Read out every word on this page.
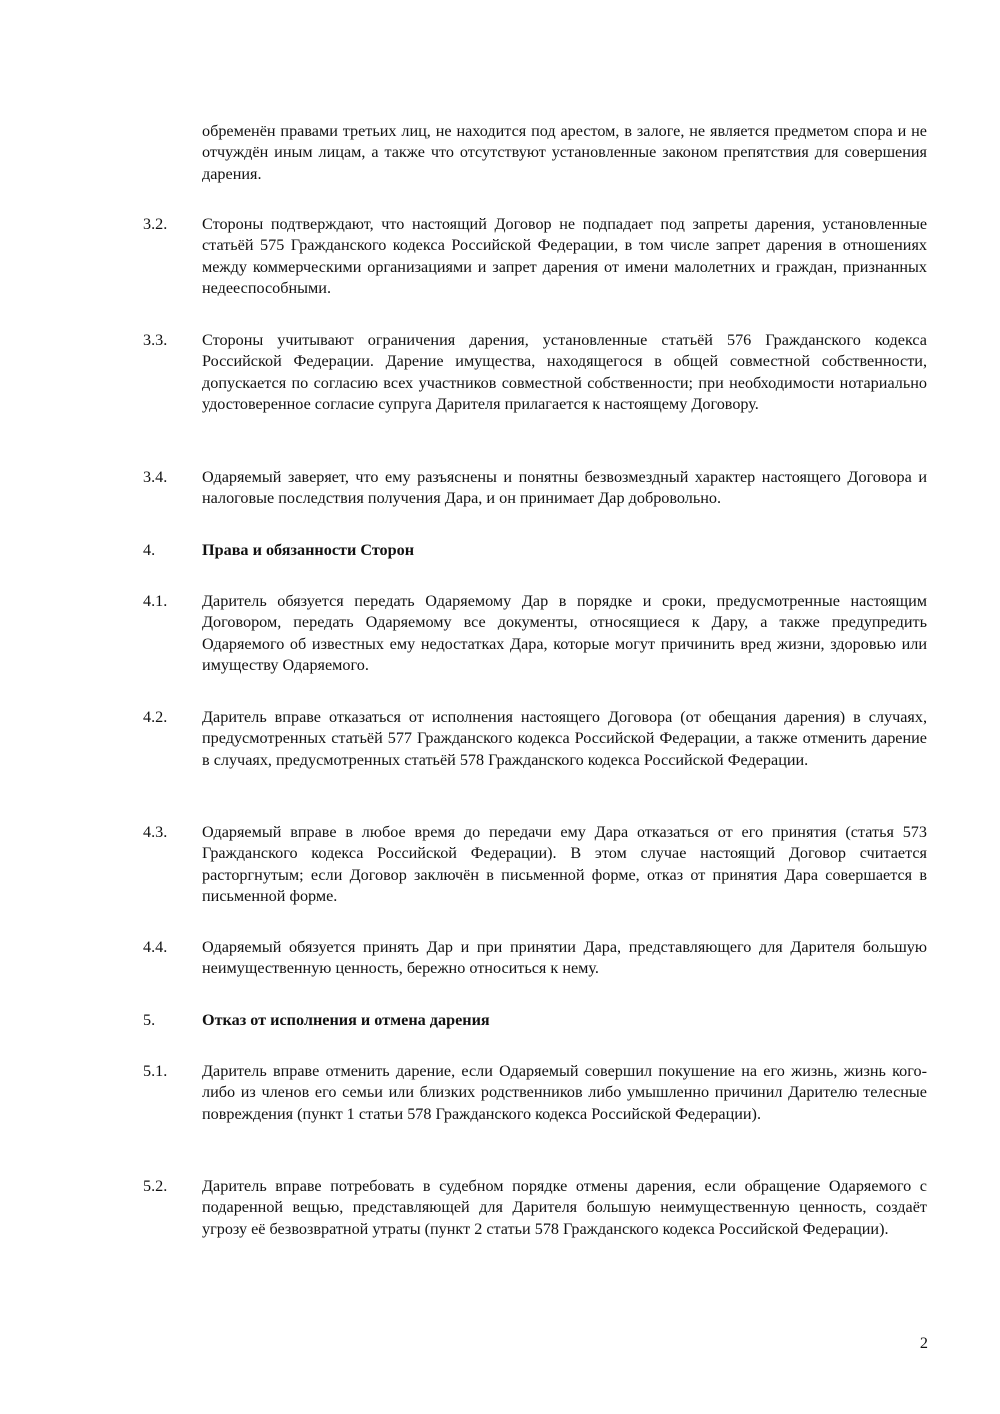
обременён правами третьих лиц, не находится под арестом, в залоге, не является предметом спора и не отчуждён иным лицам, а также что отсутствуют установленные законом препятствия для совершения дарения.
3.2.	Стороны подтверждают, что настоящий Договор не подпадает под запреты дарения, установленные статьёй 575 Гражданского кодекса Российской Федерации, в том числе запрет дарения в отношениях между коммерческими организациями и запрет дарения от имени малолетних и граждан, признанных недееспособными.
3.3.	Стороны учитывают ограничения дарения, установленные статьёй 576 Гражданского кодекса Российской Федерации. Дарение имущества, находящегося в общей совместной собственности, допускается по согласию всех участников совместной собственности; при необходимости нотариально удостоверенное согласие супруга Дарителя прилагается к настоящему Договору.
3.4.	Одаряемый заверяет, что ему разъяснены и понятны безвозмездный характер настоящего Договора и налоговые последствия получения Дара, и он принимает Дар добровольно.
4.	Права и обязанности Сторон
4.1.	Даритель обязуется передать Одаряемому Дар в порядке и сроки, предусмотренные настоящим Договором, передать Одаряемому все документы, относящиеся к Дару, а также предупредить Одаряемого об известных ему недостатках Дара, которые могут причинить вред жизни, здоровью или имуществу Одаряемого.
4.2.	Даритель вправе отказаться от исполнения настоящего Договора (от обещания дарения) в случаях, предусмотренных статьёй 577 Гражданского кодекса Российской Федерации, а также отменить дарение в случаях, предусмотренных статьёй 578 Гражданского кодекса Российской Федерации.
4.3.	Одаряемый вправе в любое время до передачи ему Дара отказаться от его принятия (статья 573 Гражданского кодекса Российской Федерации). В этом случае настоящий Договор считается расторгнутым; если Договор заключён в письменной форме, отказ от принятия Дара совершается в письменной форме.
4.4.	Одаряемый обязуется принять Дар и при принятии Дара, представляющего для Дарителя большую неимущественную ценность, бережно относиться к нему.
5.	Отказ от исполнения и отмена дарения
5.1.	Даритель вправе отменить дарение, если Одаряемый совершил покушение на его жизнь, жизнь кого-либо из членов его семьи или близких родственников либо умышленно причинил Дарителю телесные повреждения (пункт 1 статьи 578 Гражданского кодекса Российской Федерации).
5.2.	Даритель вправе потребовать в судебном порядке отмены дарения, если обращение Одаряемого с подаренной вещью, представляющей для Дарителя большую неимущественную ценность, создаёт угрозу её безвозвратной утраты (пункт 2 статьи 578 Гражданского кодекса Российской Федерации).
2
